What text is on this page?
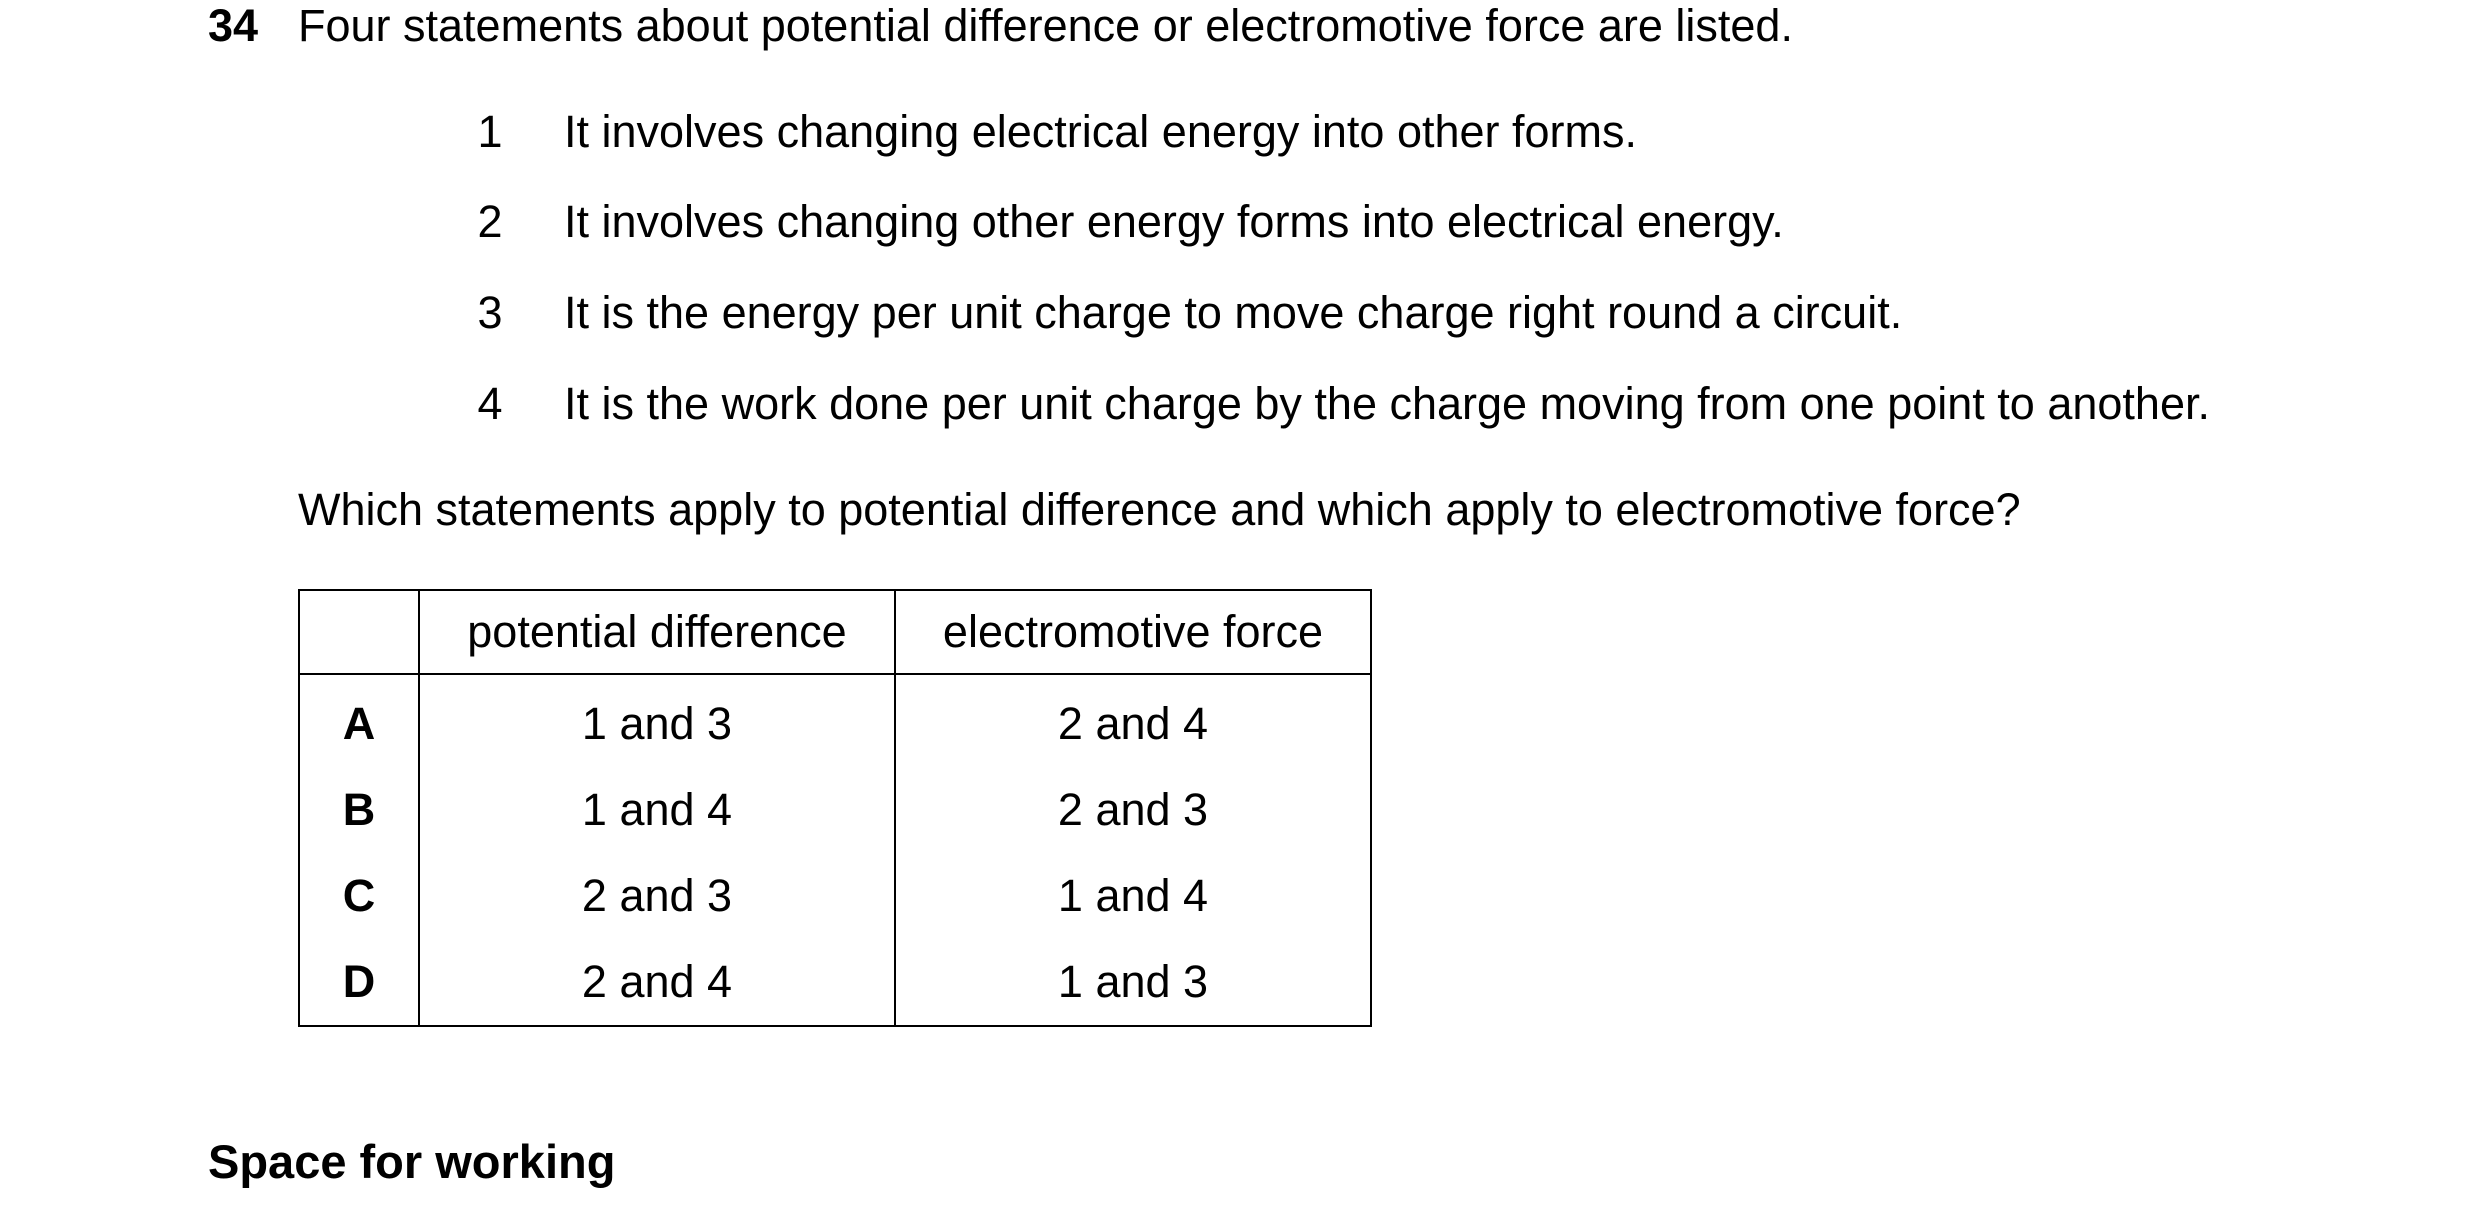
34 Four statements about potential difference or electromotive force are listed.
1 It involves changing electrical energy into other forms.
2 It involves changing other energy forms into electrical energy.
3 It is the energy per unit charge to move charge right round a circuit.
4 It is the work done per unit charge by the charge moving from one point to another.
Which statements apply to potential difference and which apply to electromotive force?
	potential difference	electromotive force
A	1 and 3	2 and 4
B	1 and 4	2 and 3
C	2 and 3	1 and 4
D	2 and 4	1 and 3
Space for working
